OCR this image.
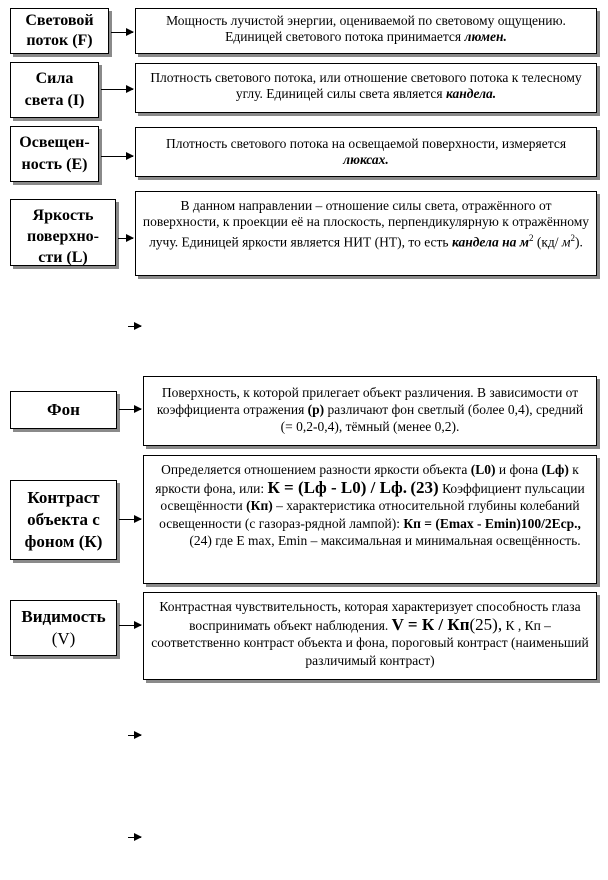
Световой
поток (F)
Мощность лучистой энергии, оцениваемой по световому ощущению. Единицей светового потока принимается люмен.
Сила
света (I)
Плотность светового потока, или отношение светового потока к телесному углу. Единицей силы света является кандела.
Освещен-
ность (E)
Плотность светового потока на освещаемой поверхности, измеряется люксах.
Яркость
поверхно-
сти (L)
В данном направлении – отношение силы света, отражённого от поверхности, к проекции её на плоскость, перпендикулярную к отражённому лучу. Единицей яркости является НИТ (НТ), то есть кандела на $м^2$ (кд/ $м^2$).
Фон
Поверхность, к которой прилегает объект различения. В зависимости от коэффициента отражения (р) различают фон светлый (более 0,4), средний (= 0,2-0,4), тёмный (менее 0,2).
Контраст
объекта с
фоном (К)
Определяется отношением разности яркости объекта (L0) и фона (Lф) к яркости фона, или: К = (Lф - L0) / Lф. (23) Коэффициент пульсации освещённости (Кп) – характеристика относительной глубины колебаний освещенности (с газораз-рядной лампой): Кп = (Emax - Emin)100/2Eср., (24) где E max, Emin – максимальная и минимальная освещённость.
Видимость
(V)
Контрастная чувствительность, которая характеризует способность глаза воспринимать объект наблюдения. V = К / Кп(25), К , Кп – соответственно контраст объекта и фона, пороговый контраст (наименьший различимый контраст)
